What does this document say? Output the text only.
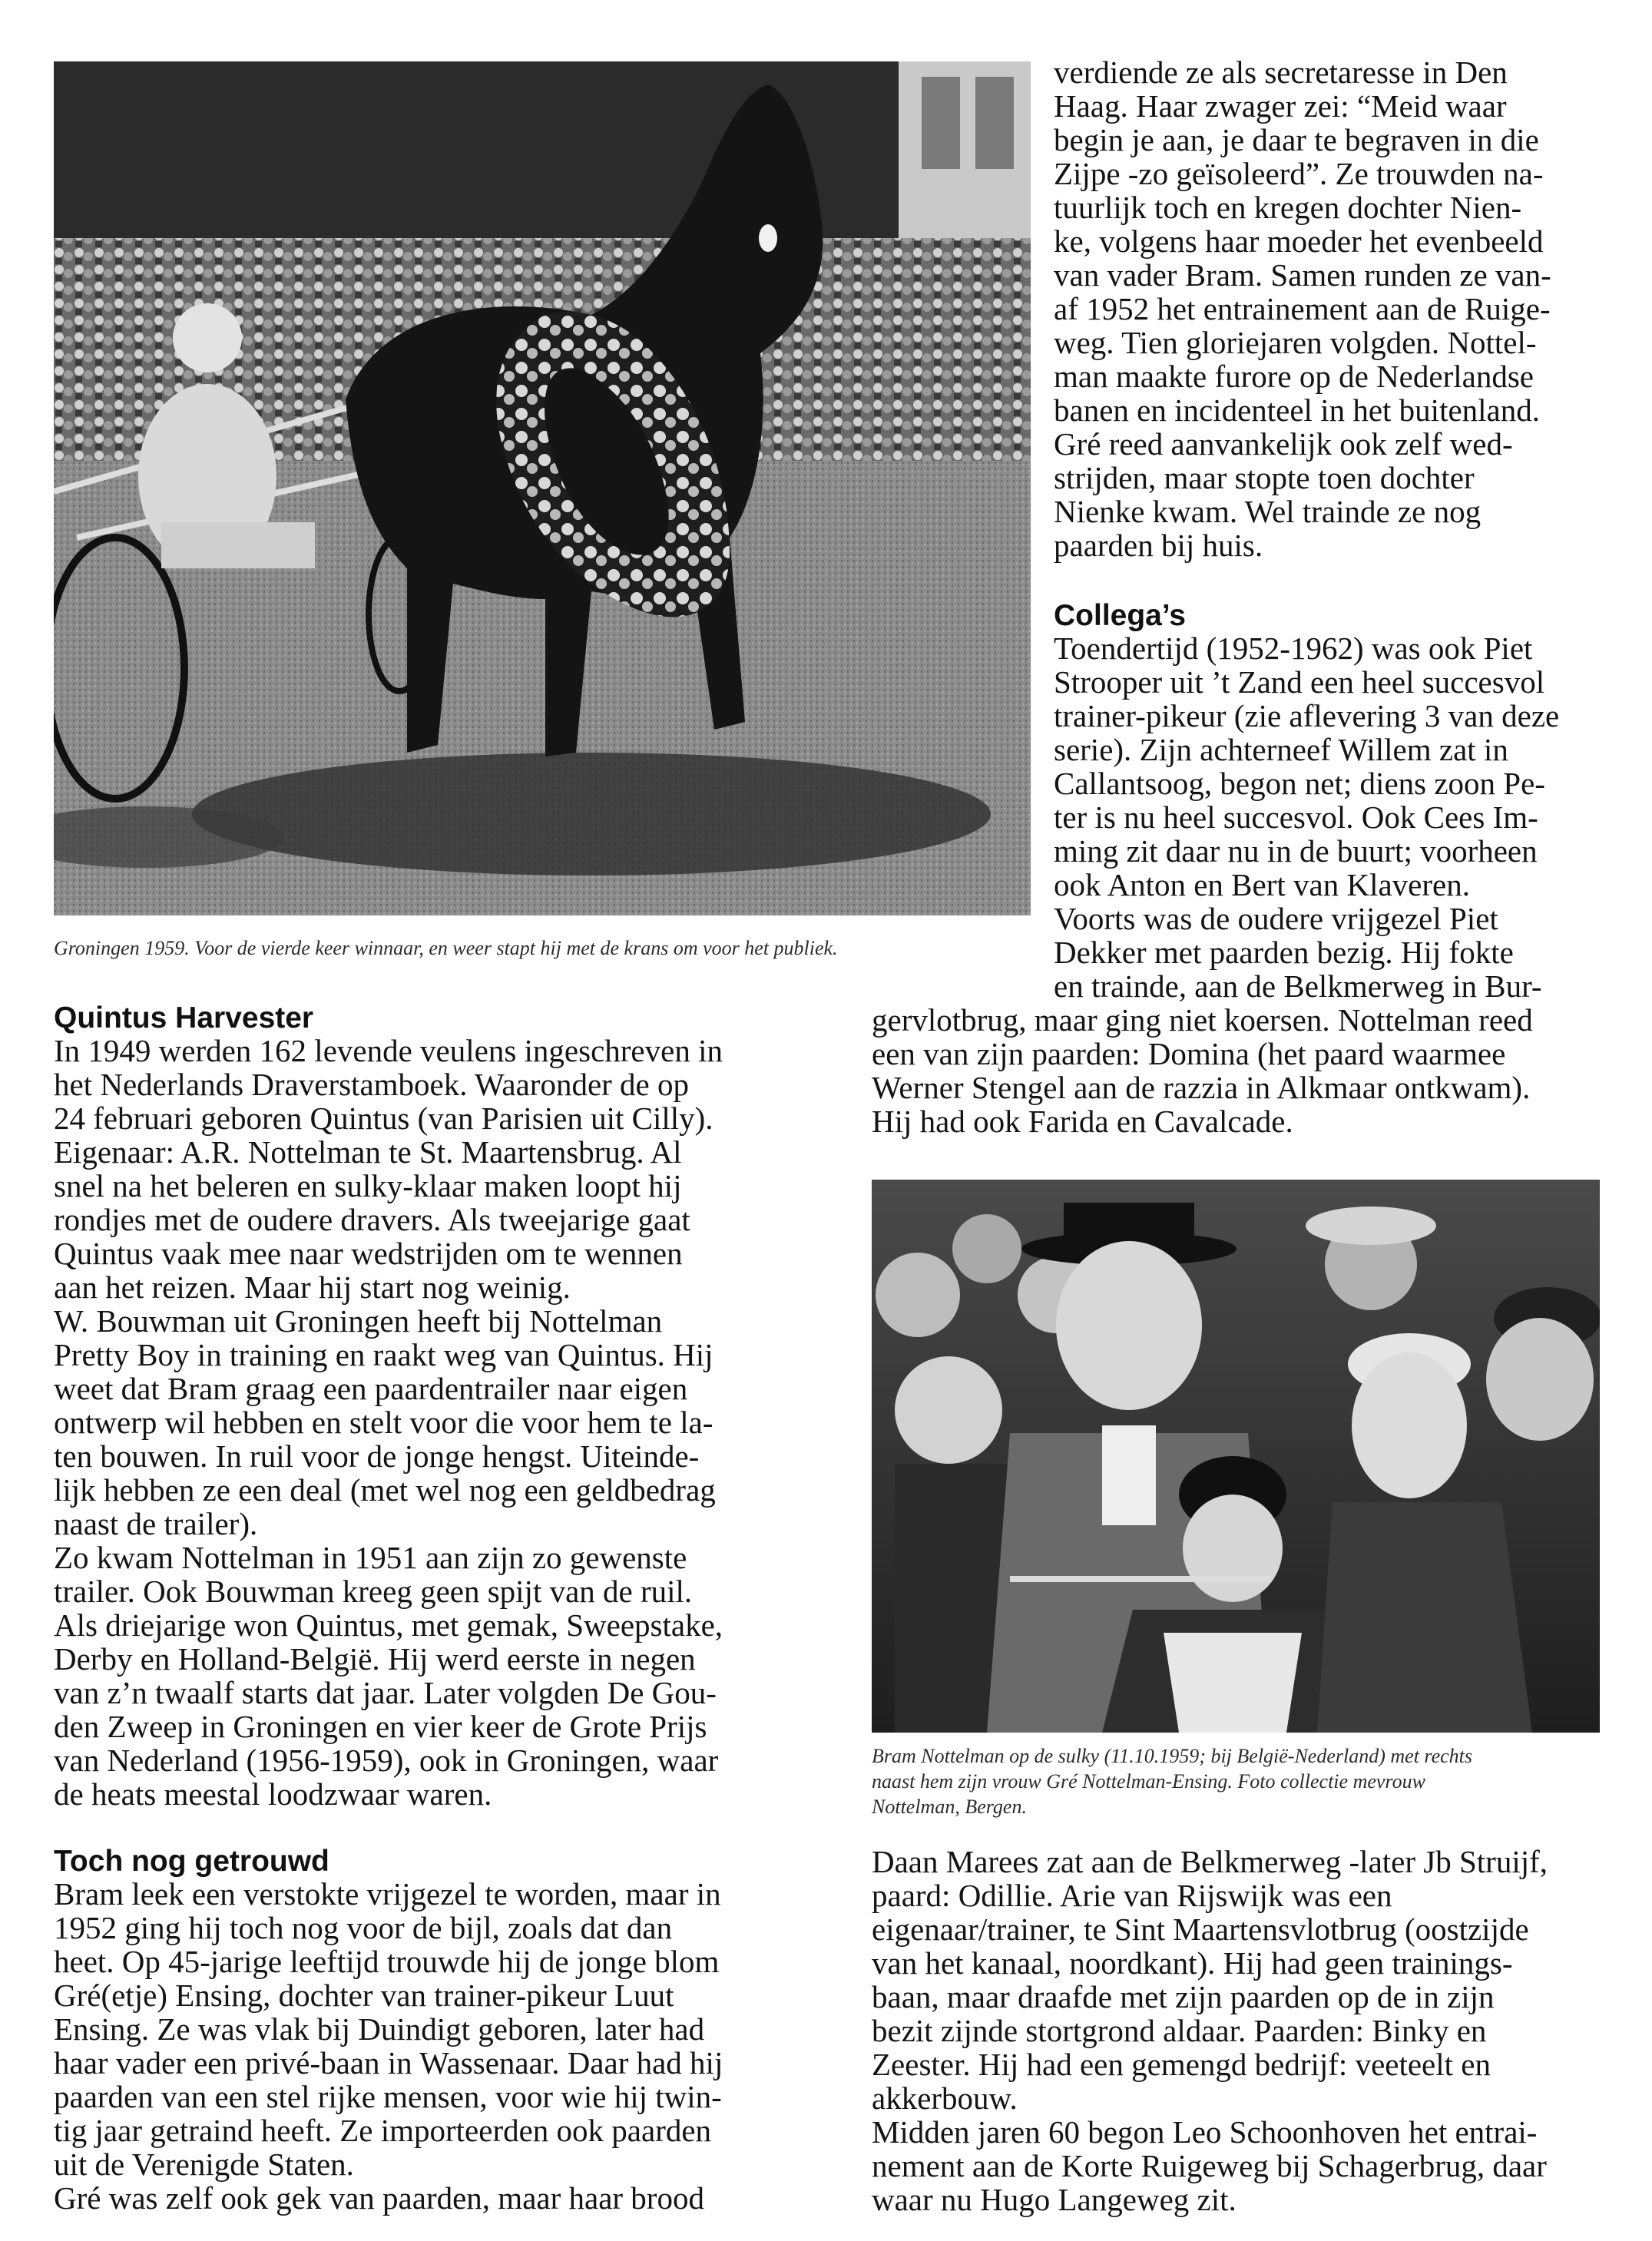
Groningen 1959. Voor de vierde keer winnaar, en weer stapt hij met de krans om voor het publiek.

Bram Nottelman op de sulky (11.10.1959; bij België-Nederland) met rechts
naast hem zijn vrouw Gré Nottelman-Ensing. Foto collectie mevrouw
Nottelman, Bergen.

verdiende ze als secretaresse in Den

Haag. Haar zwager zei: “Meid waar

begin je aan, je daar te begraven in die

Zijpe -zo geïsoleerd”. Ze trouwden na-

tuurlijk toch en kregen dochter Nien-

ke, volgens haar moeder het evenbeeld

van vader Bram. Samen runden ze van-

af 1952 het entrainement aan de Ruige-

weg. Tien gloriejaren volgden. Nottel-

man maakte furore op de Nederlandse

banen en incidenteel in het buitenland.

Gré reed aanvankelijk ook zelf wed-

strijden, maar stopte toen dochter

Nienke kwam. Wel trainde ze nog

paarden bij huis.

Collega’s

Toendertijd (1952-1962) was ook Piet

Strooper uit ’t Zand een heel succesvol

trainer-pikeur (zie aflevering 3 van deze

serie). Zijn achterneef Willem zat in

Callantsoog, begon net; diens zoon Pe-

ter is nu heel succesvol. Ook Cees Im-

ming zit daar nu in de buurt; voorheen

ook Anton en Bert van Klaveren.

Voorts was de oudere vrijgezel Piet

Dekker met paarden bezig. Hij fokte

en trainde, aan de Belkmerweg in Bur-

gervlotbrug, maar ging niet koersen. Nottelman reed

een van zijn paarden: Domina (het paard waarmee

Werner Stengel aan de razzia in Alkmaar ontkwam).

Hij had ook Farida en Cavalcade.

Quintus Harvester

In 1949 werden 162 levende veulens ingeschreven in

het Nederlands Draverstamboek. Waaronder de op

24 februari geboren Quintus (van Parisien uit Cilly).

Eigenaar: A.R. Nottelman te St. Maartensbrug. Al

snel na het beleren en sulky-klaar maken loopt hij

rondjes met de oudere dravers. Als tweejarige gaat

Quintus vaak mee naar wedstrijden om te wennen

aan het reizen. Maar hij start nog weinig.

W. Bouwman uit Groningen heeft bij Nottelman

Pretty Boy in training en raakt weg van Quintus. Hij

weet dat Bram graag een paardentrailer naar eigen

ontwerp wil hebben en stelt voor die voor hem te la-

ten bouwen. In ruil voor de jonge hengst. Uiteinde-

lijk hebben ze een deal (met wel nog een geldbedrag

naast de trailer).

Zo kwam Nottelman in 1951 aan zijn zo gewenste

trailer. Ook Bouwman kreeg geen spijt van de ruil.

Als driejarige won Quintus, met gemak, Sweepstake,

Derby en Holland-België. Hij werd eerste in negen

van z’n twaalf starts dat jaar. Later volgden De Gou-

den Zweep in Groningen en vier keer de Grote Prijs

van Nederland (1956-1959), ook in Groningen, waar

de heats meestal loodzwaar waren.

Toch nog getrouwd

Bram leek een verstokte vrijgezel te worden, maar in

1952 ging hij toch nog voor de bijl, zoals dat dan

heet. Op 45-jarige leeftijd trouwde hij de jonge blom

Gré(etje) Ensing, dochter van trainer-pikeur Luut

Ensing. Ze was vlak bij Duindigt geboren, later had

haar vader een privé-baan in Wassenaar. Daar had hij

paarden van een stel rijke mensen, voor wie hij twin-

tig jaar getraind heeft. Ze importeerden ook paarden

uit de Verenigde Staten.

Gré was zelf ook gek van paarden, maar haar brood

Daan Marees zat aan de Belkmerweg -later Jb Struijf,

paard: Odillie. Arie van Rijswijk was een

eigenaar/trainer, te Sint Maartensvlotbrug (oostzijde

van het kanaal, noordkant). Hij had geen trainings-

baan, maar draafde met zijn paarden op de in zijn

bezit zijnde stortgrond aldaar. Paarden: Binky en

Zeester. Hij had een gemengd bedrijf: veeteelt en

akkerbouw.

Midden jaren 60 begon Leo Schoonhoven het entrai-

nement aan de Korte Ruigeweg bij Schagerbrug, daar

waar nu Hugo Langeweg zit.
